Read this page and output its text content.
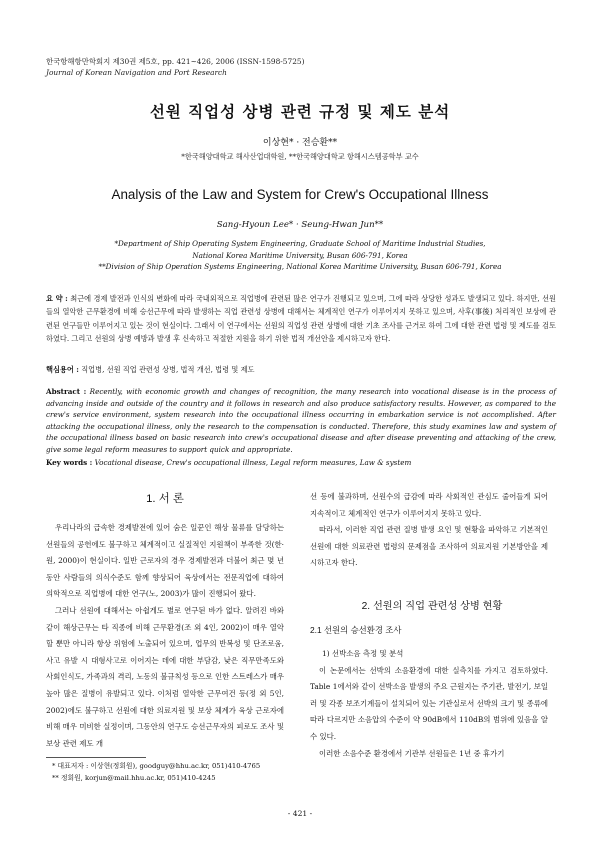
한국항해항만학회지 제30권 제5호, pp. 421~426, 2006 (ISSN-1598-5725)
Journal of Korean Navigation and Port Research
선원 직업성 상병 관련 규정 및 제도 분석
이상현* · 전승환**
*한국해양대학교 해사산업대학원, **한국해양대학교 항해시스템공학부 교수
Analysis of the Law and System for Crew's Occupational Illness
Sang-Hyoun Lee* · Seung-Hwan Jun**
*Department of Ship Operating System Engineering, Graduate School of Maritime Industrial Studies,
National Korea Maritime University, Busan 606-791, Korea
**Division of Ship Operation Systems Engineering, National Korea Maritime University, Busan 606-791, Korea
요 약 : 최근에 경제 발전과 인식의 변화에 따라 국내외적으로 직업병에 관련된 많은 연구가 진행되고 있으며, 그에 따라 상당한 성과도 발생되고 있다. 하지만, 선원들의 열악한 근무환경에 비해 승선근무에 따라 발생하는 직업 관련성 상병에 대해서는 체계적인 연구가 이루어지지 못하고 있으며, 사후(事後) 처리적인 보상에 관련된 연구들만 이루어지고 있는 것이 현실이다. 그래서 이 연구에서는 선원의 직업성 관련 상병에 대한 기초 조사를 근거로 하여 그에 대한 관련 법령 및 제도를 검토하였다. 그리고 선원의 상병 예방과 발생 후 신속하고 적절한 지원을 하기 위한 법적 개선안을 제시하고자 한다.
핵심용어 : 직업병, 선원 직업 관련성 상병, 법적 개선, 법령 및 제도
Abstract : Recently, with economic growth and changes of recognition, the many research into vocational disease is in the process of advancing inside and outside of the country and it follows in research and also produce satisfactory results. However, as compared to the crew's service environment, system research into the occupational illness occurring in embarkation service is not accomplished. After attacking the occupational illness, only the research to the compensation is conducted. Therefore, this study examines law and system of the occupational illness based on basic research into crew's occupational disease and after disease preventing and attacking of the crew, give some legal reform measures to support quick and appropriate.
Key words : Vocational disease, Crew's occupational illness, Legal reform measures, Law & system
1. 서 론

우리나라의 급속한 경제발전에 있어 숨은 일꾼인 해상 물류를 담당하는 선원들의 공헌에도 불구하고 체계적이고 실질적인 지원책이 부족한 것(한·원, 2000)이 현실이다. 일반 근로자의 경우 경제발전과 더불어 최근 몇 년 동안 사람들의 의식수준도 함께 향상되어 육상에서는 전문직업에 대하여 의학적으로 직업병에 대한 연구(노, 2003)가 많이 진행되어 왔다.

그러나 선원에 대해서는 아쉽게도 별로 연구된 바가 없다. 알려진 바와 같이 해상근무는 타 직종에 비해 근무환경(조 외 4인, 2002)이 매우 열악할 뿐만 아니라 항상 위험에 노출되어 있으며, 업무의 반복성 및 단조로움, 사고 유발 시 대형사고로 이어지는 데에 대한 부담감, 낮은 직무만족도와 사회인식도, 가족과의 격리, 노동의 불규칙성 등으로 인한 스트레스가 매우 높아 많은 질병이 유발되고 있다. 이처럼 열악한 근무여건 등(정 외 5인, 2002)에도 불구하고 선원에 대한 의료지원 및 보상 체계가 육상 근로자에 비해 매우 미비한 실정이며, 그동안의 연구도 승선근무자의 피로도 조사 및 보상 관련 제도 개

선 등에 불과하며, 선원수의 급감에 따라 사회적인 관심도 줄어들게 되어 지속적이고 체계적인 연구가 이루어지지 못하고 있다.

따라서, 이러한 직업 관련 질병 발생 요인 및 현황을 파악하고 기본적인 선원에 대한 의료관련 법령의 문제점을 조사하여 의료지원 기본방안을 제시하고자 한다.

2. 선원의 직업 관련성 상병 현황
2.1 선원의 승선환경 조사

1) 선박소음 측정 및 분석

이 논문에서는 선박의 소음환경에 대한 실측치를 가지고 검토하였다. Table 1에서와 같이 선박소음 발생의 주요 근원지는 주기관, 발전기, 보일러 및 각종 보조기계들이 설치되어 있는 기관실로서 선박의 크기 및 종류에 따라 다르지만 소음압의 수준이 약 90dB에서 110dB의 범위에 있음을 알 수 있다.

이러한 소음수준 환경에서 기관부 선원들은 1년 중 휴가기

* 대표저자 : 이상현(정회원), goodguy@hhu.ac.kr, 051)410-4765
** 정회원, korjun@mail.hhu.ac.kr, 051)410-4245
- 421 -
